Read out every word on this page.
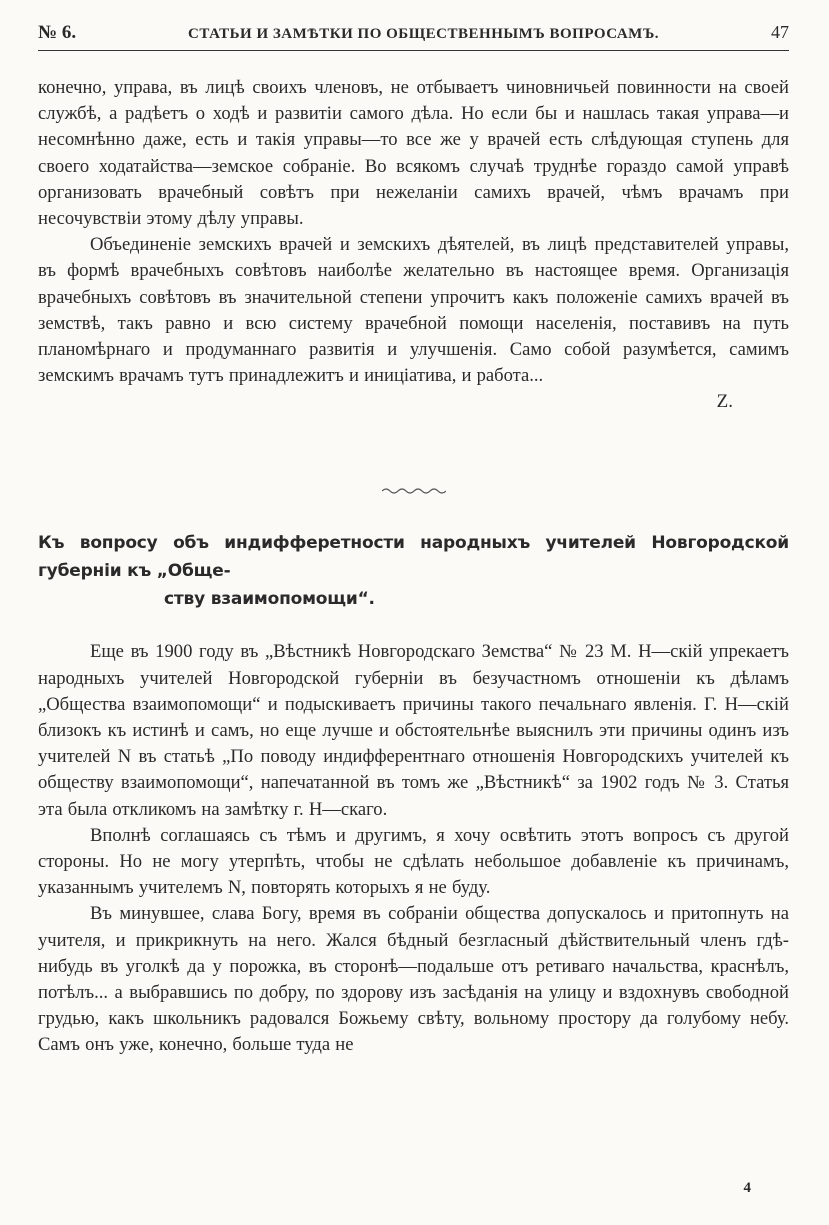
№ 6.	СТАТЬИ И ЗАМѢТКИ ПО ОБЩЕСТВЕННЫМЪ ВОПРОСАМЪ.	47

конечно, управа, въ лицѣ своихъ членовъ, не отбываетъ чиновничьей повинности на своей службѣ, а радѣетъ о ходѣ и развитіи самого дѣла. Но если бы и нашлась такая управа—и несомнѣнно даже, есть и такія управы—то все же у врачей есть слѣдующая ступень для своего ходатайства—земское собраніе. Во всякомъ случаѣ труднѣе гораздо самой управѣ организовать врачебный совѣтъ при нежеланіи самихъ врачей, чѣмъ врачамъ при несочувствіи этому дѣлу управы.

Объединеніе земскихъ врачей и земскихъ дѣятелей, въ лицѣ представителей управы, въ формѣ врачебныхъ совѣтовъ наиболѣе желательно въ настоящее время. Организація врачебныхъ совѣтовъ въ значительной степени упрочитъ какъ положеніе самихъ врачей въ земствѣ, такъ равно и всю систему врачебной помощи населенія, поставивъ на путь планомѣрнаго и продуманнаго развитія и улучшенія. Само собой разумѣется, самимъ земскимъ врачамъ тутъ принадлежитъ и иниціатива, и работа...

Z.
Къ вопросу объ индифферетности народныхъ учителей Новгородской губерніи къ „Обще-
ству взаимопомощи“.

Еще въ 1900 году въ „Вѣстникѣ Новгородскаго Земства“ № 23 М. Н—скій упрекаетъ народныхъ учителей Новгородской губерніи въ безучастномъ отношеніи къ дѣламъ „Общества взаимопомощи“ и подыскиваетъ причины такого печальнаго явленія. Г. Н—скій близокъ къ истинѣ и самъ, но еще лучше и обстоятельнѣе выяснилъ эти причины одинъ изъ учителей N въ статьѣ „По поводу индифферентнаго отношенія Новгородскихъ учителей къ обществу взаимопомощи“, напечатанной въ томъ же „Вѣстникѣ“ за 1902 годъ № 3. Статья эта была откликомъ на замѣтку г. Н—скаго.

Вполнѣ соглашаясь съ тѣмъ и другимъ, я хочу освѣтить этотъ вопросъ съ другой стороны. Но не могу утерпѣть, чтобы не сдѣлать небольшое добавленіе къ причинамъ, указаннымъ учителемъ N, повторять которыхъ я не буду.

Въ минувшее, слава Богу, время въ собраніи общества допускалось и притопнуть на учителя, и прикрикнуть на него. Жался бѣдный безгласный дѣйствительный членъ гдѣ-нибудь въ уголкѣ да у порожка, въ сторонѣ—подальше отъ ретиваго начальства, краснѣлъ, потѣлъ... а выбравшись по добру, по здорову изъ засѣданія на улицу и вздохнувъ свободной грудью, какъ школьникъ радовался Божьему свѣту, вольному простору да голубому небу. Самъ онъ уже, конечно, больше туда не

4
